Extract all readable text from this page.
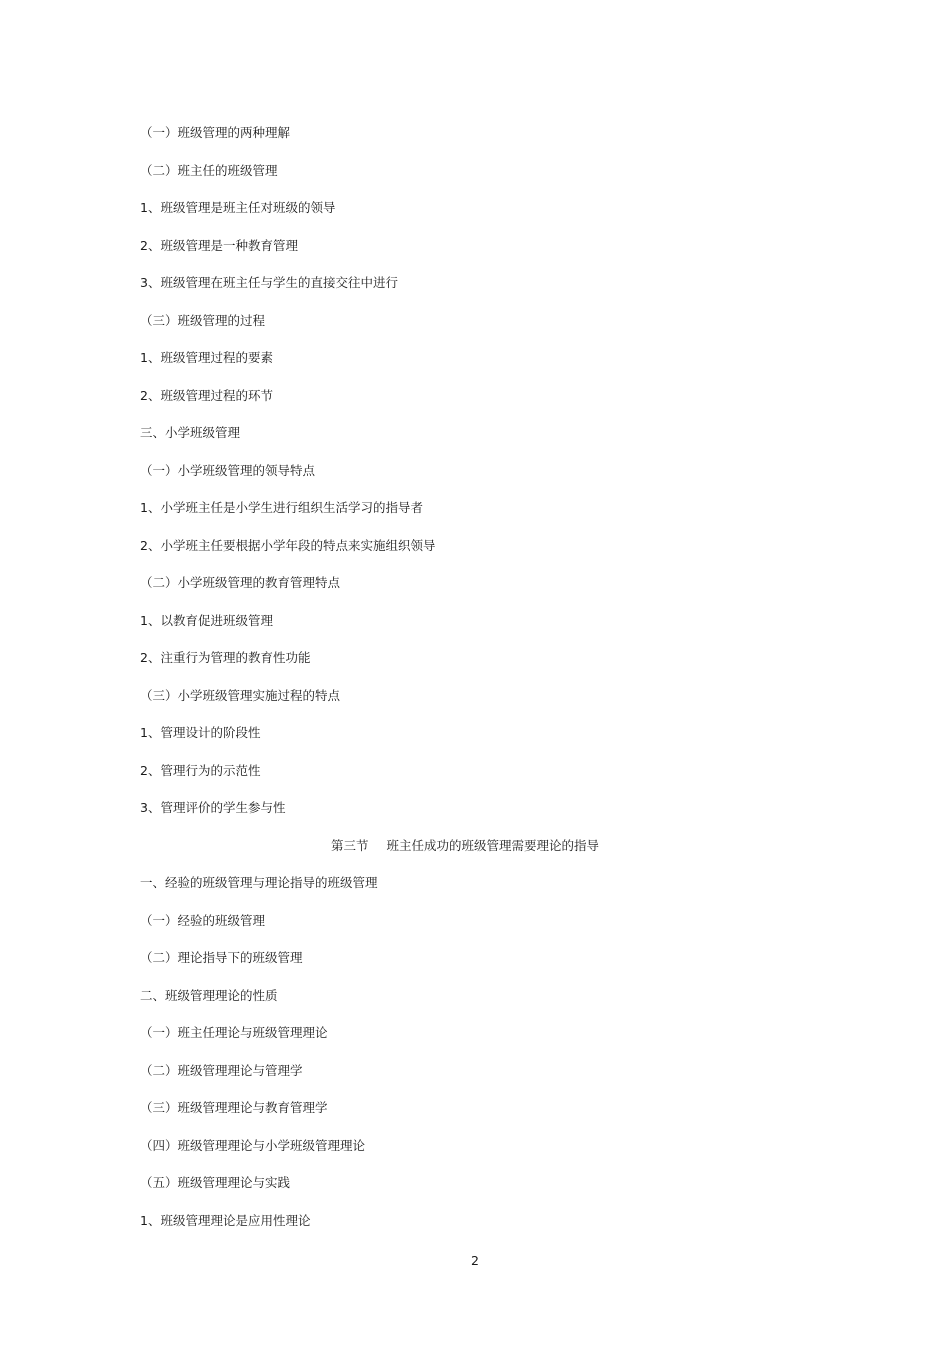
（一）班级管理的两种理解
（二）班主任的班级管理
1、班级管理是班主任对班级的领导
2、班级管理是一种教育管理
3、班级管理在班主任与学生的直接交往中进行
（三）班级管理的过程
1、班级管理过程的要素
2、班级管理过程的环节
三、小学班级管理
（一）小学班级管理的领导特点
1、小学班主任是小学生进行组织生活学习的指导者
2、小学班主任要根据小学年段的特点来实施组织领导
（二）小学班级管理的教育管理特点
1、以教育促进班级管理
2、注重行为管理的教育性功能
（三）小学班级管理实施过程的特点
1、管理设计的阶段性
2、管理行为的示范性
3、管理评价的学生参与性
第三节 班主任成功的班级管理需要理论的指导
一、经验的班级管理与理论指导的班级管理
（一）经验的班级管理
（二）理论指导下的班级管理
二、班级管理理论的性质
（一）班主任理论与班级管理理论
（二）班级管理理论与管理学
（三）班级管理理论与教育管理学
（四）班级管理理论与小学班级管理理论
（五）班级管理理论与实践
1、班级管理理论是应用性理论
2
